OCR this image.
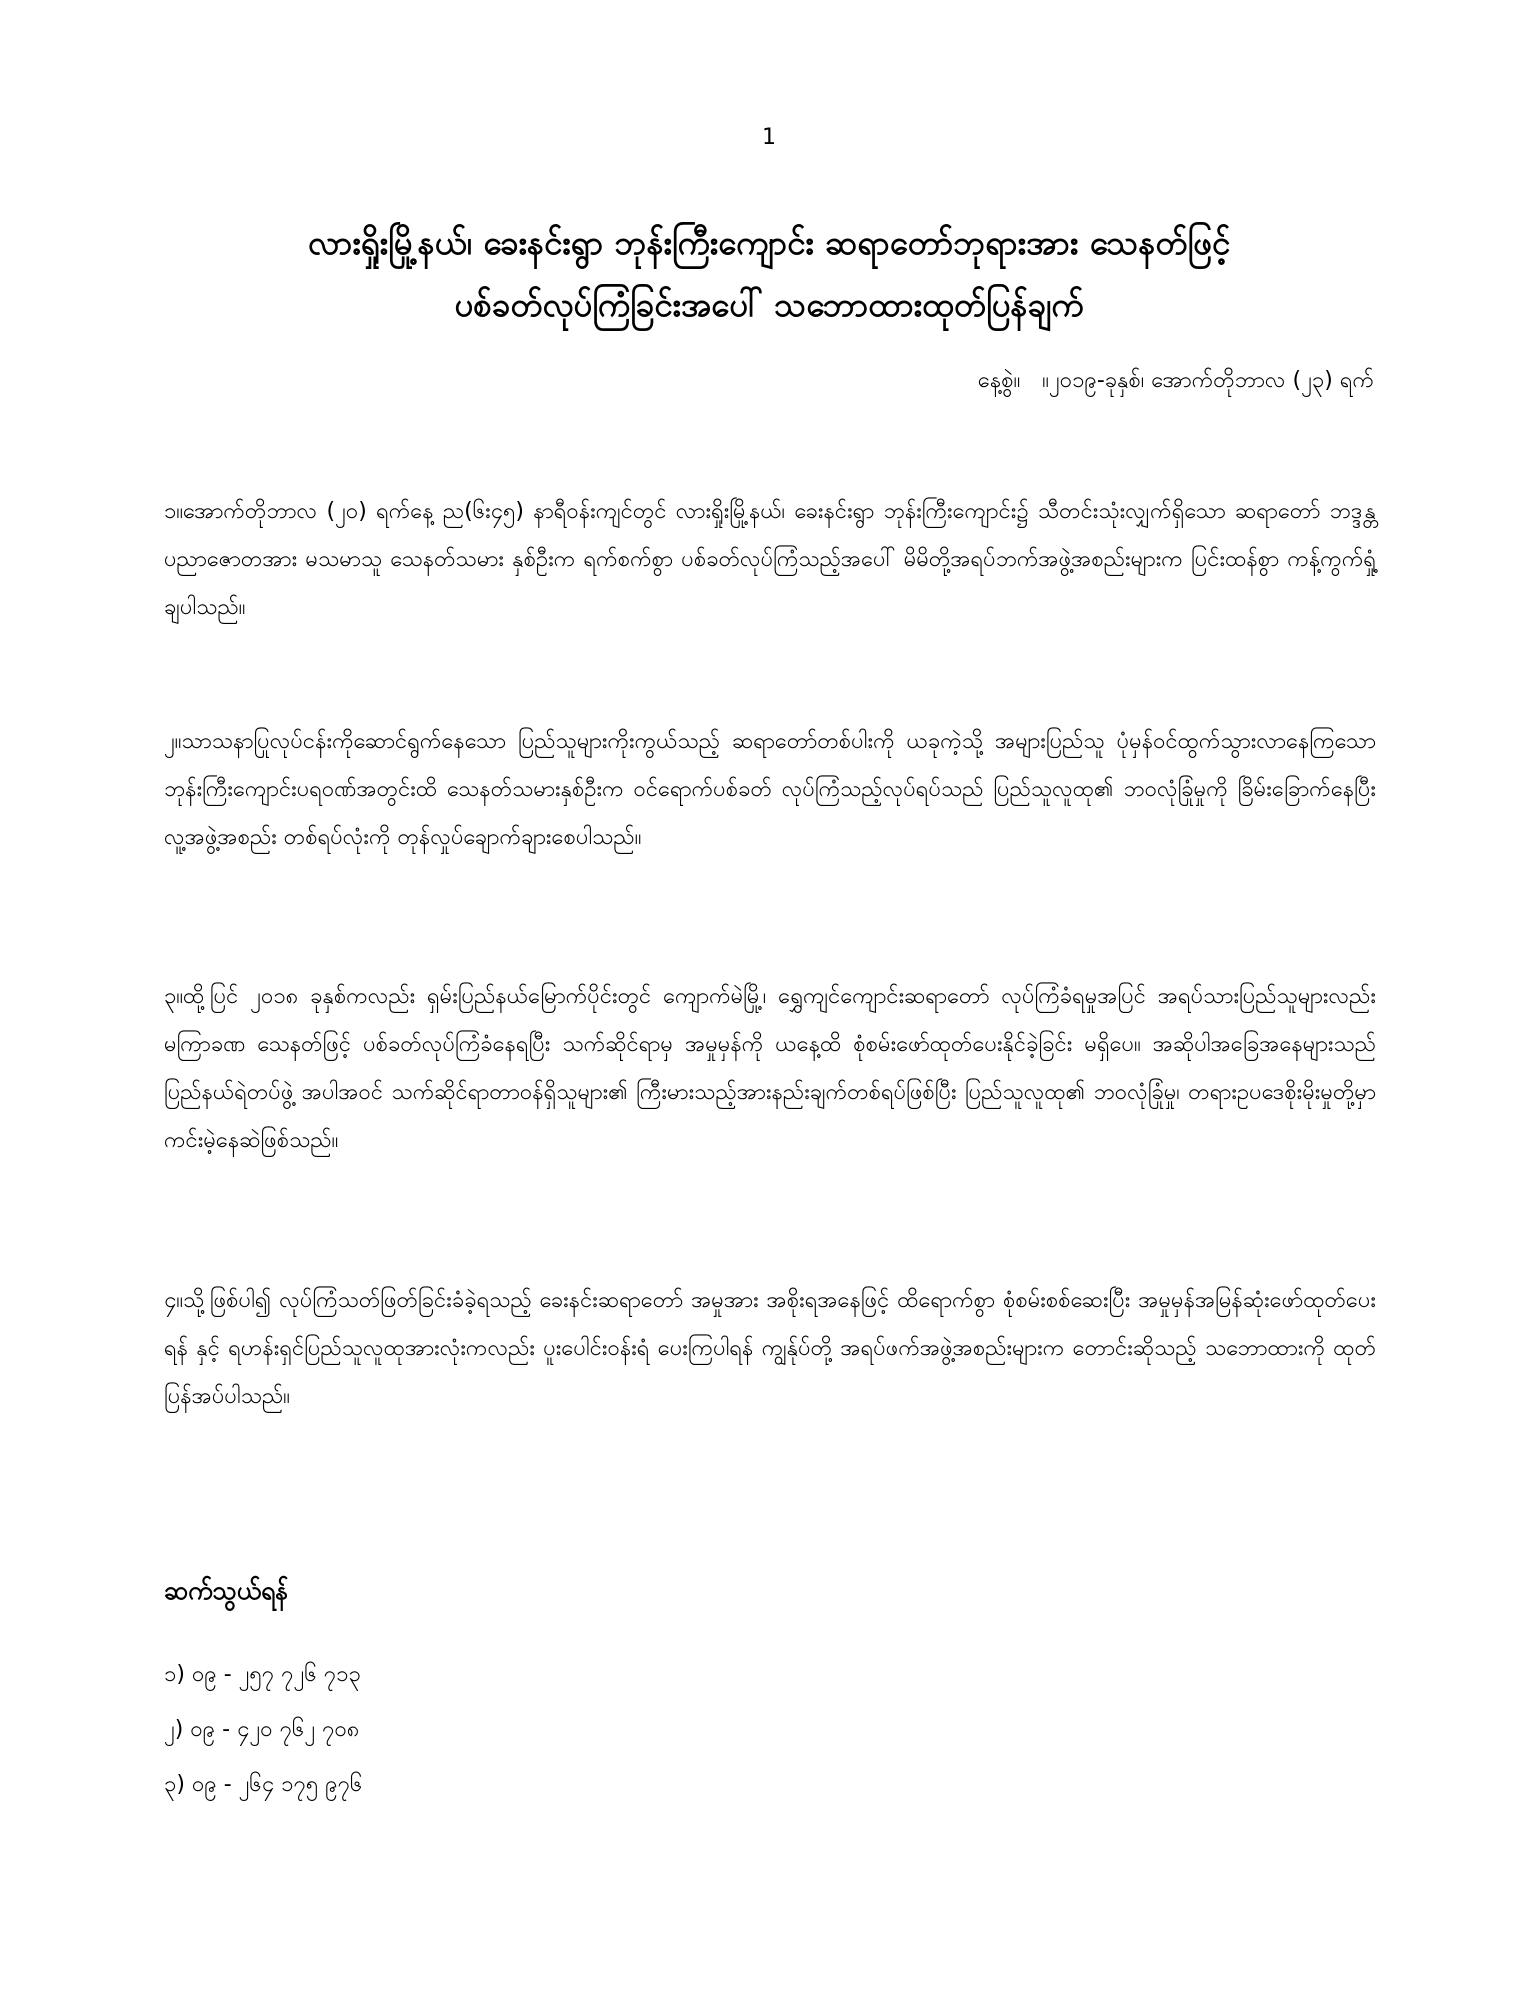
1
လားရှိုးမြို့နယ်၊ ခေးနင်းရွာ ဘုန်းကြီးကျောင်း ဆရာတော်ဘုရားအား သေနတ်ဖြင့်
ပစ်ခတ်လုပ်ကြံခြင်းအပေါ် သဘောထားထုတ်ပြန်ချက်
နေ့စွဲ။ ။၂၀၁၉-ခုနှစ်၊ အောက်တိုဘာလ (၂၃) ရက်
၁။အောက်တိုဘာလ (၂၀) ရက်နေ့ ည(၆း၄၅) နာရီဝန်းကျင်တွင် လားရှိုးမြို့နယ်၊ ခေးနင်းရွာ ဘုန်းကြီးကျောင်း၌ သီတင်းသုံးလျှက်ရှိသော ဆရာတော် ဘဒ္ဒန္တပညာဇောတအား မသမာသူ သေနတ်သမား နှစ်ဦးက ရက်စက်စွာ ပစ်ခတ်လုပ်ကြံသည့်အပေါ် မိမိတို့အရပ်ဘက်အဖွဲ့အစည်းများက ပြင်းထန်စွာ ကန့်ကွက်ရှုံ့ချပါသည်။
၂။သာသနာပြုလုပ်ငန်းကိုဆောင်ရွက်နေသော ပြည်သူများကိုးကွယ်သည့် ဆရာတော်တစ်ပါးကို ယခုကဲ့သို့ အများပြည်သူ ပုံမှန်ဝင်ထွက်သွားလာနေကြသော ဘုန်းကြီးကျောင်းပရဝဏ်အတွင်းထိ သေနတ်သမားနှစ်ဦးက ဝင်ရောက်ပစ်ခတ် လုပ်ကြံသည့်လုပ်ရပ်သည် ပြည်သူလူထု၏ ဘဝလုံခြုံမှုကို ခြိမ်းခြောက်နေပြီး လူ့အဖွဲ့အစည်း တစ်ရပ်လုံးကို တုန်လှုပ်ချောက်ချားစေပါသည်။
၃။ထို့ပြင် ၂၀၁၈ ခုနှစ်ကလည်း ရှမ်းပြည်နယ်မြောက်ပိုင်းတွင် ကျောက်မဲမြို့၊ ရွှေကျင်ကျောင်းဆရာတော် လုပ်ကြံခံရမှုအပြင် အရပ်သားပြည်သူများလည်း မကြာခဏ သေနတ်ဖြင့် ပစ်ခတ်လုပ်ကြံခံနေရပြီး သက်ဆိုင်ရာမှ အမှုမှန်ကို ယနေ့ထိ စုံစမ်းဖော်ထုတ်ပေးနိုင်ခဲ့ခြင်း မရှိပေ။ အဆိုပါအခြေအနေများသည် ပြည်နယ်ရဲတပ်ဖွဲ့ အပါအဝင် သက်ဆိုင်ရာတာဝန်ရှိသူများ၏ ကြီးမားသည့်အားနည်းချက်တစ်ရပ်ဖြစ်ပြီး ပြည်သူလူထု၏ ဘဝလုံခြုံမှု၊ တရားဥပဒေစိုးမိုးမှုတို့မှာ ကင်းမဲ့နေဆဲဖြစ်သည်။
၄။သို့ဖြစ်ပါ၍ လုပ်ကြံသတ်ဖြတ်ခြင်းခံခဲ့ရသည့် ခေးနင်းဆရာတော် အမှုအား အစိုးရအနေဖြင့် ထိရောက်စွာ စုံစမ်းစစ်ဆေးပြီး အမှုမှန်အမြန်ဆုံးဖော်ထုတ်ပေးရန် နှင့် ရဟန်းရှင်ပြည်သူလူထုအားလုံးကလည်း ပူးပေါင်းဝန်းရံ ပေးကြပါရန် ကျွန်ုပ်တို့ အရပ်ဖက်အဖွဲ့အစည်းများက တောင်းဆိုသည့် သဘောထားကို ထုတ်ပြန်အပ်ပါသည်။
ဆက်သွယ်ရန်
၁) ၀၉ - ၂၅၇ ၇၂၆ ၇၁၃
၂) ၀၉ - ၄၂၀ ၇၆၂ ၇၀၈
၃) ၀၉ - ၂၆၄ ၁၇၅ ၉၇၆
